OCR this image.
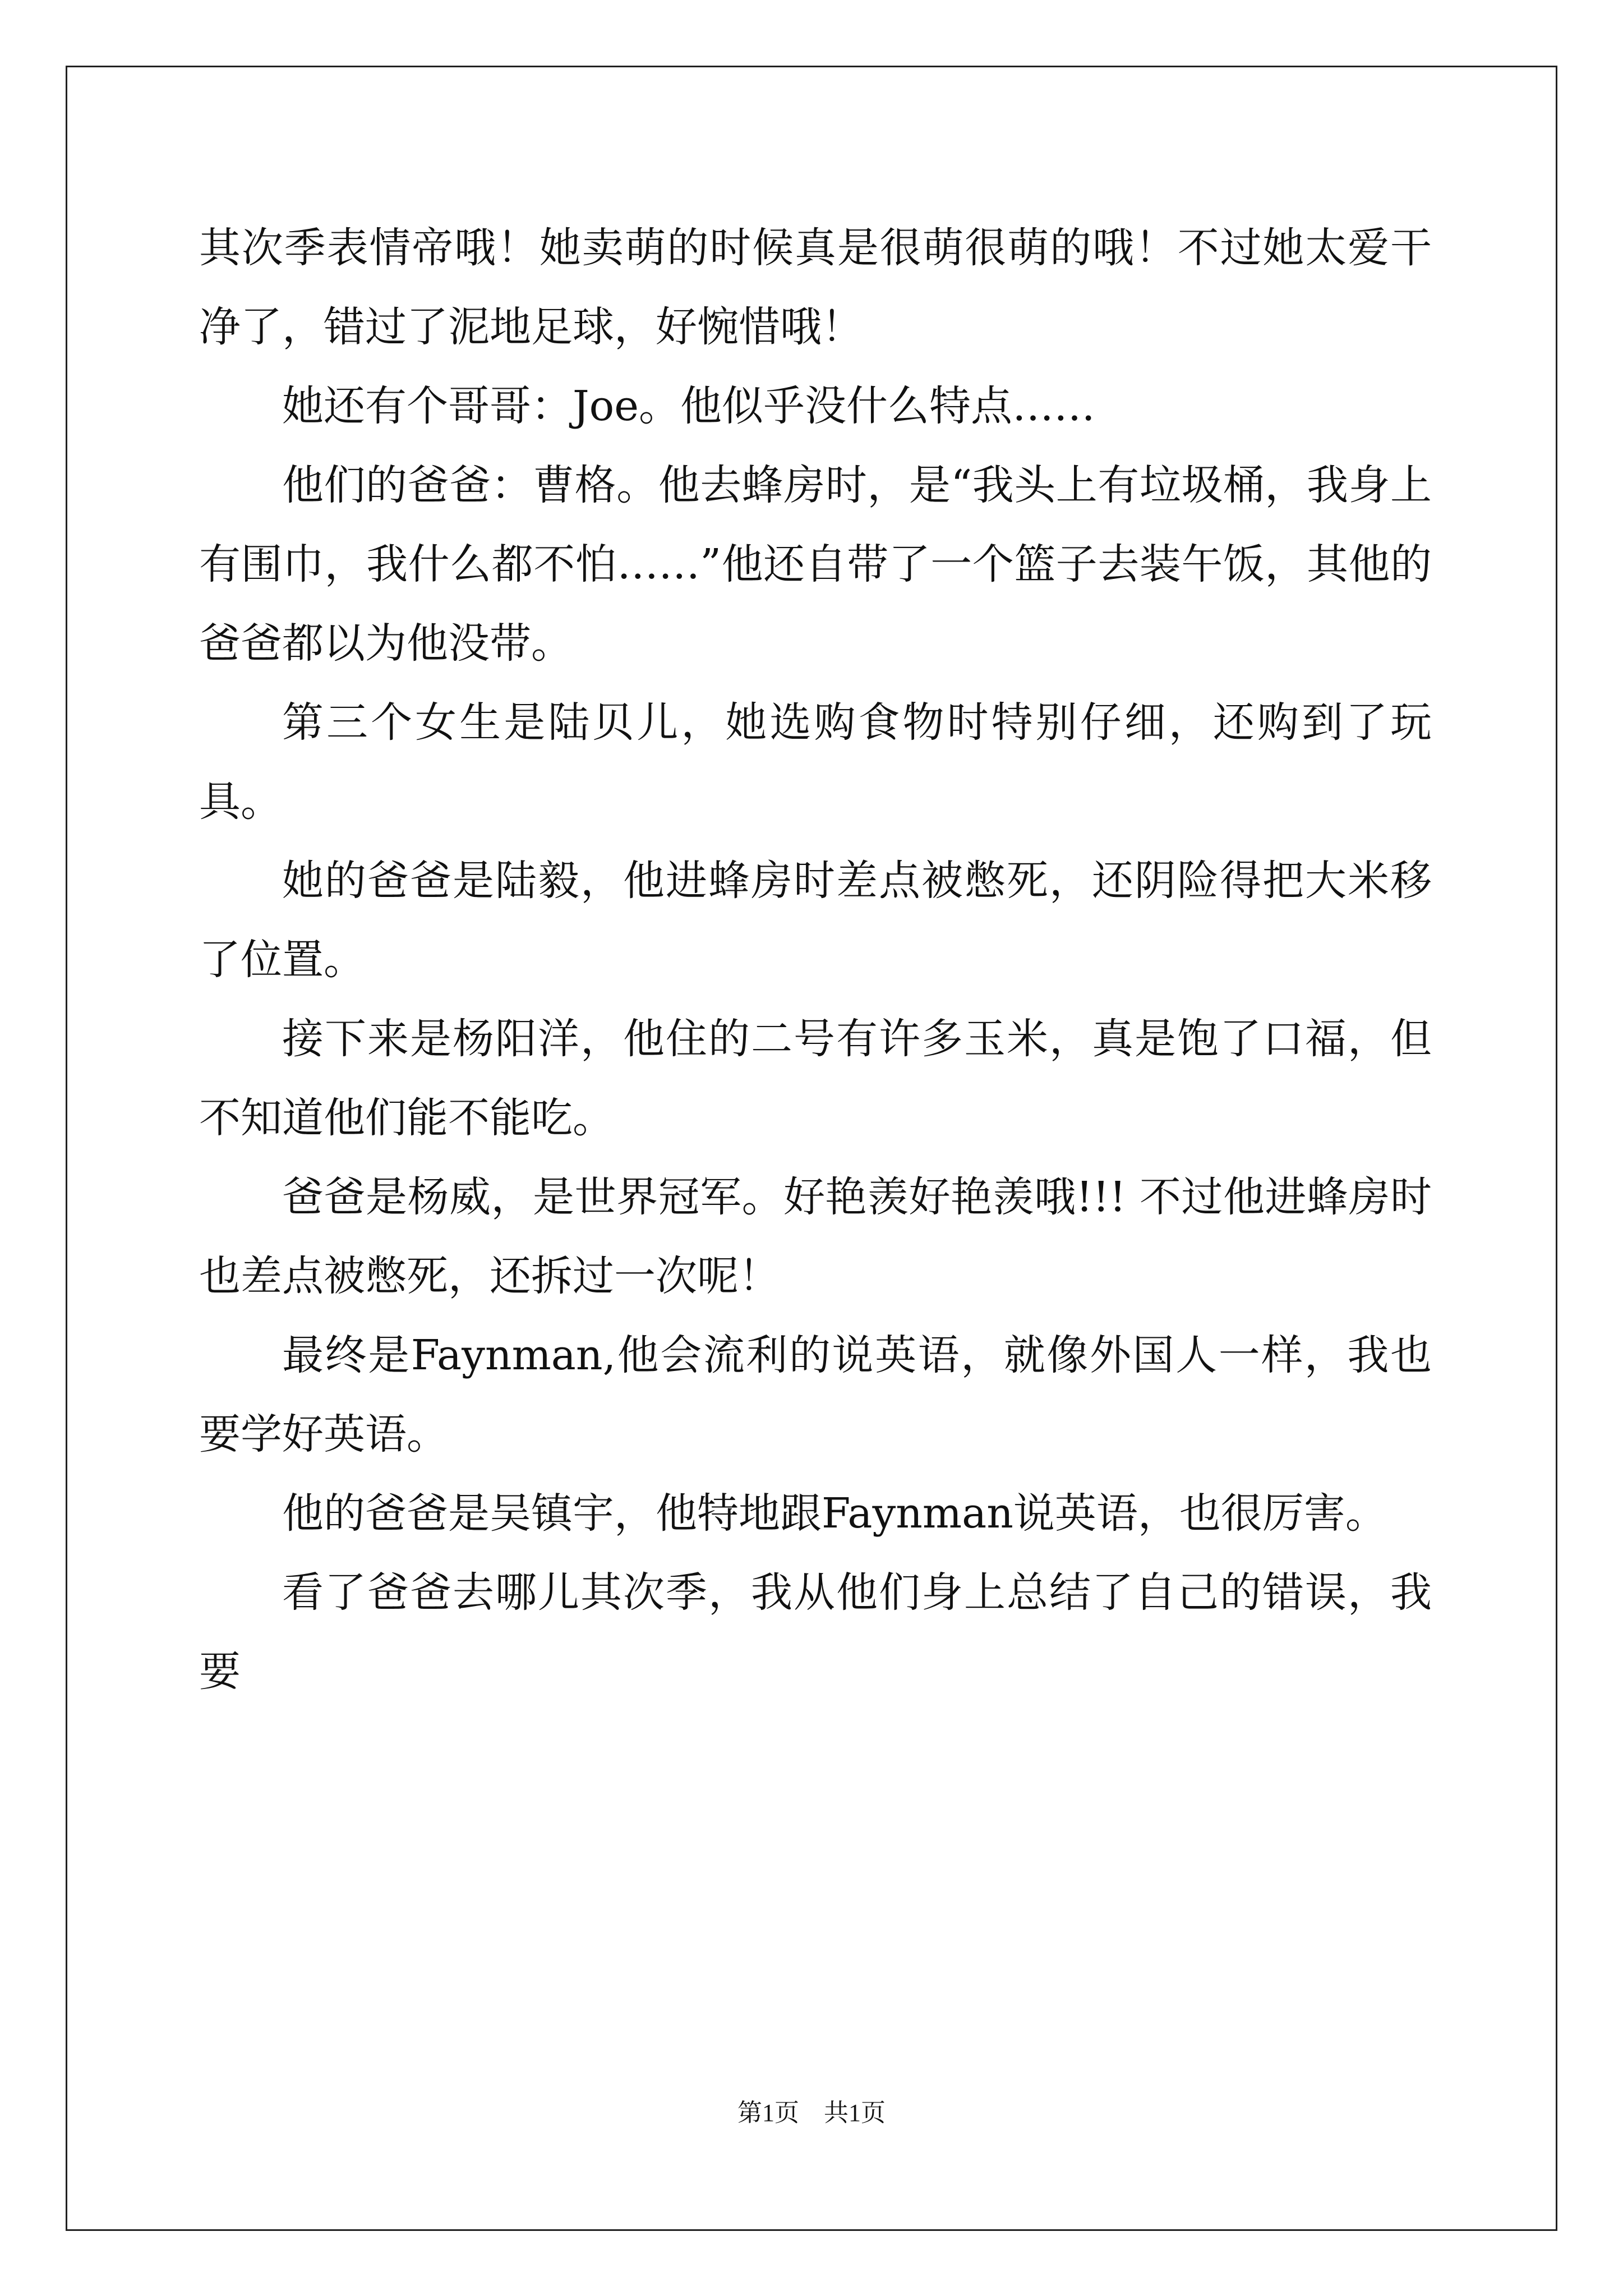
其次季表情帝哦！她卖萌的时候真是很萌很萌的哦！不过她太爱干净了，错过了泥地足球，好惋惜哦！

她还有个哥哥：Joe。他似乎没什么特点……

他们的爸爸：曹格。他去蜂房时，是“我头上有垃圾桶，我身上有围巾，我什么都不怕……”他还自带了一个篮子去装午饭，其他的爸爸都以为他没带。

第三个女生是陆贝儿，她选购食物时特别仔细，还购到了玩具。

她的爸爸是陆毅，他进蜂房时差点被憋死，还阴险得把大米移了位置。

接下来是杨阳洋，他住的二号有许多玉米，真是饱了口福，但不知道他们能不能吃。

爸爸是杨威，是世界冠军。好艳羡好艳羡哦!!! 不过他进蜂房时也差点被憋死，还拆过一次呢！

最终是Faynman,他会流利的说英语，就像外国人一样，我也要学好英语。

他的爸爸是吴镇宇，他特地跟Faynman说英语，也很厉害。

看了爸爸去哪儿其次季，我从他们身上总结了自己的错误，我要

第1页　共1页
